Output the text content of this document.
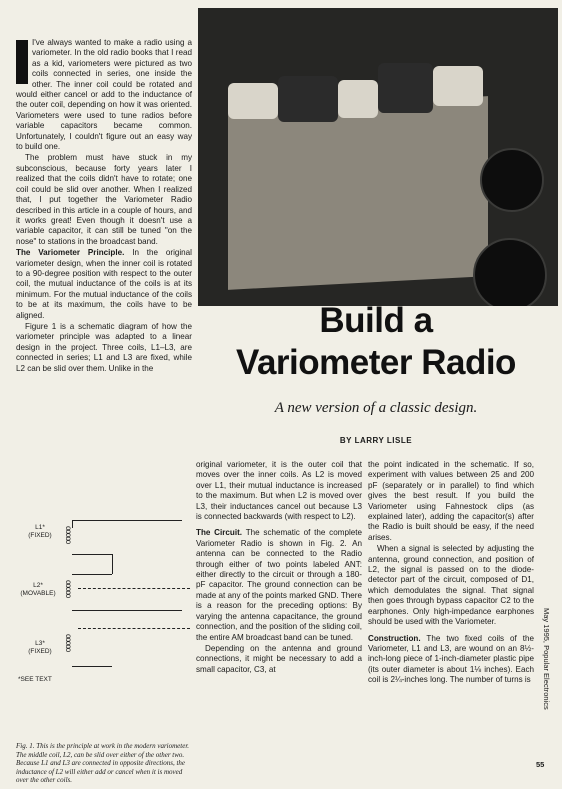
I've always wanted to make a radio using a variometer. In the old radio books that I read as a kid, variometers were pictured as two coils connected in series, one inside the other. The inner coil could be rotated and would either cancel or add to the inductance of the outer coil, depending on how it was oriented. Variometers were used to tune radios before variable capacitors became common. Unfortunately, I couldn't figure out an easy way to build one.

The problem must have stuck in my subconscious, because forty years later I realized that the coils didn't have to rotate; one coil could be slid over another. When I realized that, I put together the Variometer Radio described in this article in a couple of hours, and it works great! Even though it doesn't use a variable capacitor, it can still be tuned "on the nose" to stations in the broadcast band.

The Variometer Principle. In the original variometer design, when the inner coil is rotated to a 90-degree position with respect to the outer coil, the mutual inductance of the coils is at its minimum. For the mutual inductance of the coils to be at its maximum, the coils have to be aligned.

Figure 1 is a schematic diagram of how the variometer principle was adapted to a linear design in the project. Three coils, L1–L3, are connected in series; L1 and L3 are fixed, while L2 can be slid over them. Unlike in the

L1*
(FIXED)
L2*
(MOVABLE)
L3*
(FIXED)
ooooo
ooooo
ooooo
*SEE TEXT
Fig. 1. This is the principle at work in the modern variometer. The middle coil, L2, can be slid over either of the other two. Because L1 and L3 are connected in opposite directions, the inductance of L2 will either add or cancel when it is moved over the other coils.
Build a
Variometer Radio
A new version of a classic design.
BY LARRY LISLE

original variometer, it is the outer coil that moves over the inner coils. As L2 is moved over L1, their mutual inductance is increased to the maximum. But when L2 is moved over L3, their inductances cancel out because L3 is connected backwards (with respect to L2).

The Circuit. The schematic of the complete Variometer Radio is shown in Fig. 2. An antenna can be connected to the Radio through either of two points labeled ANT: either directly to the circuit or through a 180-pF capacitor. The ground connection can be made at any of the points marked GND. There is a reason for the preceding options: By varying the antenna capacitance, the ground connection, and the position of the sliding coil, the entire AM broadcast band can be tuned.

Depending on the antenna and ground connections, it might be necessary to add a small capacitor, C3, at

the point indicated in the schematic. If so, experiment with values between 25 and 200 pF (separately or in parallel) to find which gives the best result. If you build the Variometer using Fahnestock clips (as explained later), adding the capacitor(s) after the Radio is built should be easy, if the need arises.

When a signal is selected by adjusting the antenna, ground connection, and position of L2, the signal is passed on to the diode-detector part of the circuit, composed of D1, which demodulates the signal. That signal then goes through bypass capacitor C2 to the earphones. Only high-impedance earphones should be used with the Variometer.

Construction. The two fixed coils of the Variometer, L1 and L3, are wound on an 8½-inch-long piece of 1-inch-diameter plastic pipe (its outer diameter is about 1⅛ inches). Each coil is 2¼-inches long. The number of turns is	May 1995, Popular Electronics
55
